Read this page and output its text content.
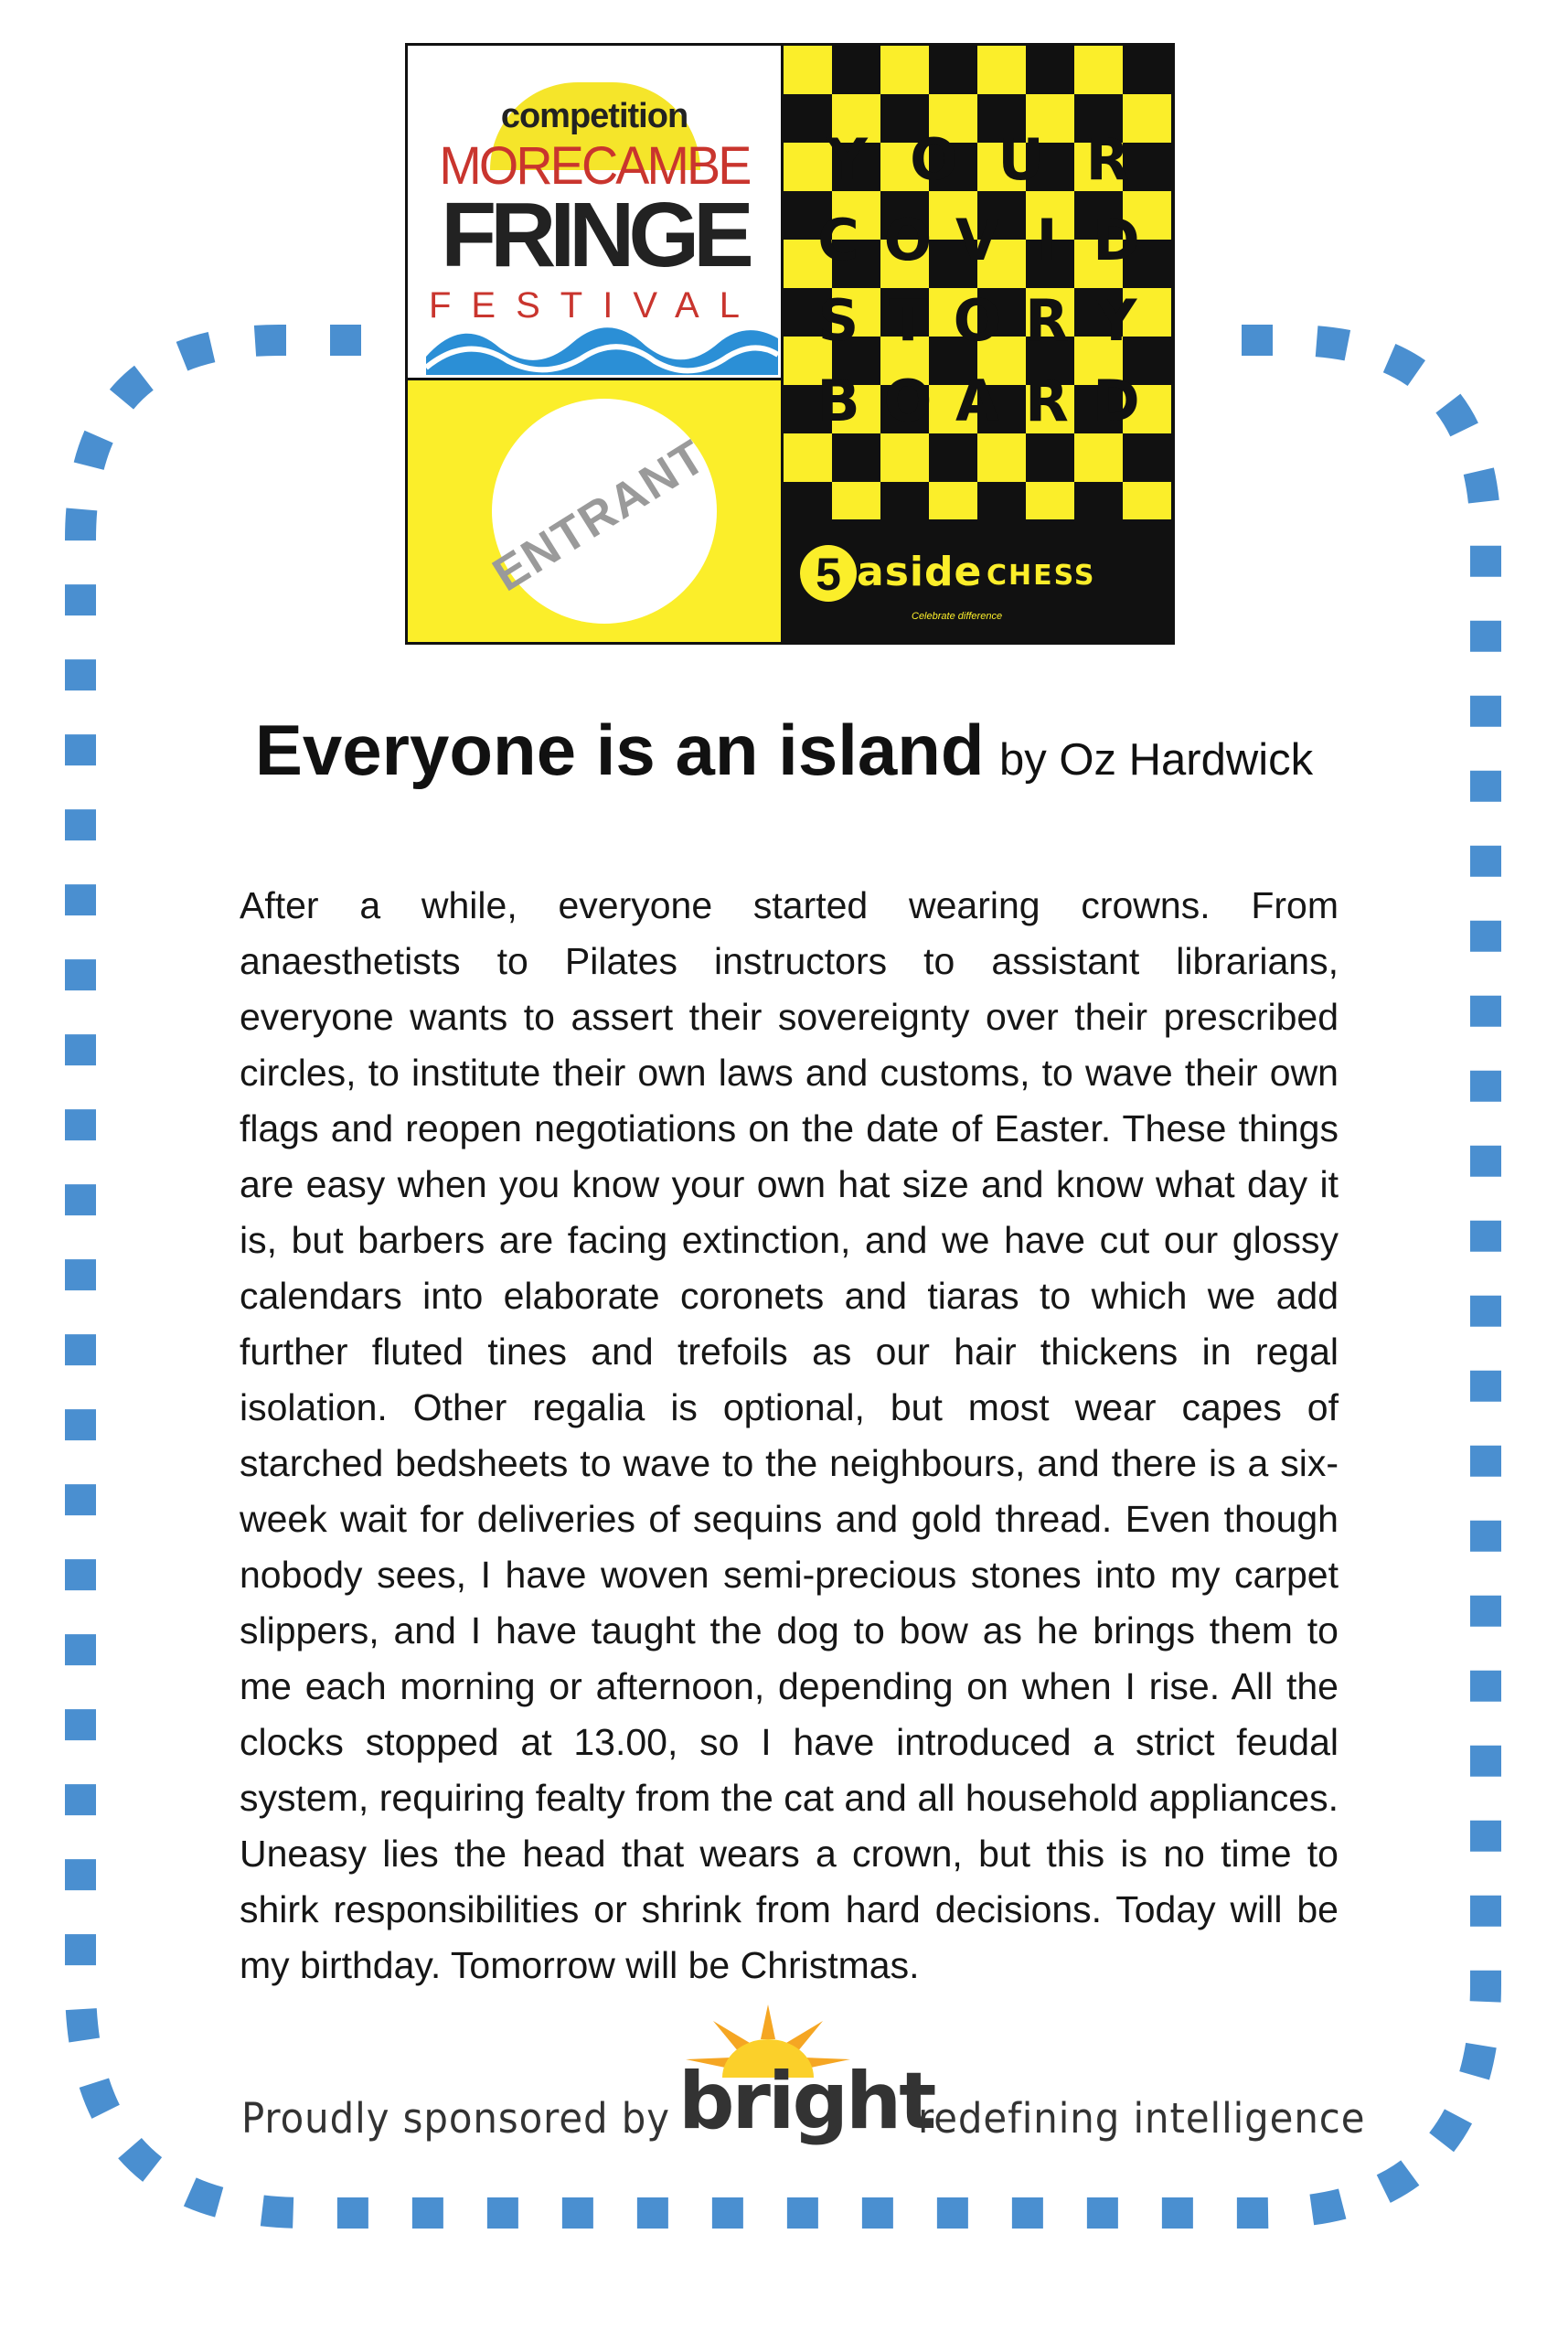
competition
MORECAMBE
FRINGE
FESTIVAL
ENTRANT
Y O U R
C O V I D
S T O R Y
B O A R D
5 aside CHESS
Celebrate difference
Everyone is an island by Oz Hardwick

After a while, everyone started wearing crowns. From anaesthetists to Pilates instructors to assistant librarians, everyone wants to assert their sovereignty over their prescribed circles, to institute their own laws and customs, to wave their own flags and reopen negotiations on the date of Easter. These things are easy when you know your own hat size and know what day it is, but barbers are facing extinction, and we have cut our glossy calendars into elaborate coronets and tiaras to which we add further fluted tines and trefoils as our hair thickens in regal isolation. Other regalia is optional, but most wear capes of starched bedsheets to wave to the neighbours, and there is a six-week wait for deliveries of sequins and gold thread. Even though nobody sees, I have woven semi-precious stones into my carpet slippers, and I have taught the dog to bow as he brings them to me each morning or afternoon, depending on when I rise. All the clocks stopped at 13.00, so I have introduced a strict feudal system, requiring fealty from the cat and all household appliances. Uneasy lies the head that wears a crown, but this is no time to shirk responsibilities or shrink from hard decisions. Today will be my birthday. Tomorrow will be Christmas.

Proudly sponsored by bright
redefining intelligence
